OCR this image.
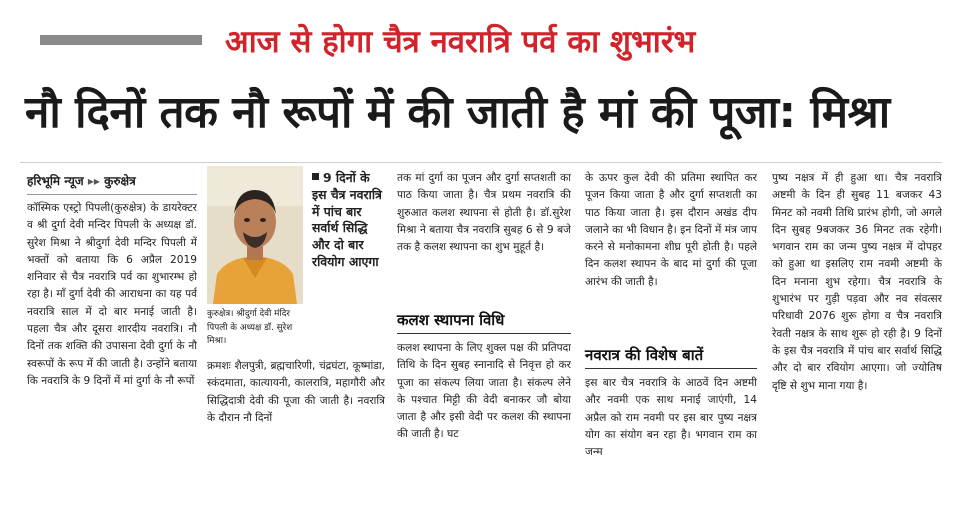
आज से होगा चैत्र नवरात्रि पर्व का शुभारंभ
नौ दिनों तक नौ रूपों में की जाती है मां की पूजा: मिश्रा
हरिभूमि न्यूज ▸▸ कुरुक्षेत्र
कॉस्मिक एस्ट्रो पिपली(कुरुक्षेत्र) के डायरेक्टर व श्री दुर्गा देवी मन्दिर पिपली के अध्यक्ष डॉ. सुरेश मिश्रा ने श्रीदुर्गा देवी मन्दिर पिपली में भक्तों को बताया कि 6 अप्रैल 2019 शनिवार से चैत्र नवरात्रि पर्व का शुभारम्भ हो रहा है। माँ दुर्गा देवी की आराधना का यह पर्व नवरात्रि साल में दो बार मनाई जाती है। पहला चैत्र और दूसरा शारदीय नवरात्रि। नौ दिनों तक शक्ति की उपासना देवी दुर्गा के नौ स्वरूपों के रूप में की जाती है। उन्होंने बताया कि नवरात्रि के 9 दिनों में मां दुर्गा के नौ रूपों
कुरुक्षेत्र। श्रीदुर्गा देवी मंदिर पिपली के अध्यक्ष डॉ. सुरेश मिश्रा।
9 दिनों के इस चैत्र नवरात्रि में पांच बार सर्वार्थ सिद्धि और दो बार रवियोग आएगा
क्रमशः शैलपुत्री, ब्रह्मचारिणी, चंद्रघंटा, कूष्मांडा, स्कंदमाता, कात्यायनी, कालरात्रि, महागौरी और सिद्धिदात्री देवी की पूजा की जाती है। नवरात्रि के दौरान नौ दिनों
तक मां दुर्गा का पूजन और दुर्गा सप्तशती का पाठ किया जाता है। चैत्र प्रथम नवरात्रि की शुरुआत कलश स्थापना से होती है। डॉ.सुरेश मिश्रा ने बताया चैत्र नवरात्रि सुबह 6 से 9 बजे तक है कलश स्थापना का शुभ मुहूर्त है।
कलश स्थापना विधि
कलश स्थापना के लिए शुक्ल पक्ष की प्रतिपदा तिथि के दिन सुबह स्नानादि से निवृत्त हो कर पूजा का संकल्प लिया जाता है। संकल्प लेने के पश्चात मिट्टी की वेदी बनाकर जौ बोया जाता है और इसी वेदी पर कलश की स्थापना की जाती है। घट
के ऊपर कुल देवी की प्रतिमा स्थापित कर पूजन किया जाता है और दुर्गा सप्तशती का पाठ किया जाता है। इस दौरान अखंड दीप जलाने का भी विधान है। इन दिनों में मंत्र जाप करने से मनोकामना शीघ्र पूरी होती है। पहले दिन कलश स्थापन के बाद मां दुर्गा की पूजा आरंभ की जाती है।
नवरात्र की विशेष बातें
इस बार चैत्र नवरात्रि के आठवें दिन अष्टमी और नवमी एक साथ मनाई जाएंगी, 14 अप्रैल को राम नवमी पर इस बार पुष्य नक्षत्र योग का संयोग बन रहा है। भगवान राम का जन्म
पुष्य नक्षत्र में ही हुआ था। चैत्र नवरात्रि अष्टमी के दिन ही सुबह 11 बजकर 43 मिनट को नवमी तिथि प्रारंभ होगी, जो अगले दिन सुबह 9बजकर 36 मिनट तक रहेगी। भगवान राम का जन्म पुष्य नक्षत्र में दोपहर को हुआ था इसलिए राम नवमी अष्टमी के दिन मनाना शुभ रहेगा। चैत्र नवरात्रि के शुभारंभ पर गुड़ी पड़वा और नव संवत्सर परिधावी 2076 शुरू होगा व चैत्र नवरात्रि रेवती नक्षत्र के साथ शुरू हो रही है। 9 दिनों के इस चैत्र नवरात्रि में पांच बार सर्वार्थ सिद्धि और दो बार रवियोग आएगा। जो ज्योतिष दृष्टि से शुभ माना गया है।
